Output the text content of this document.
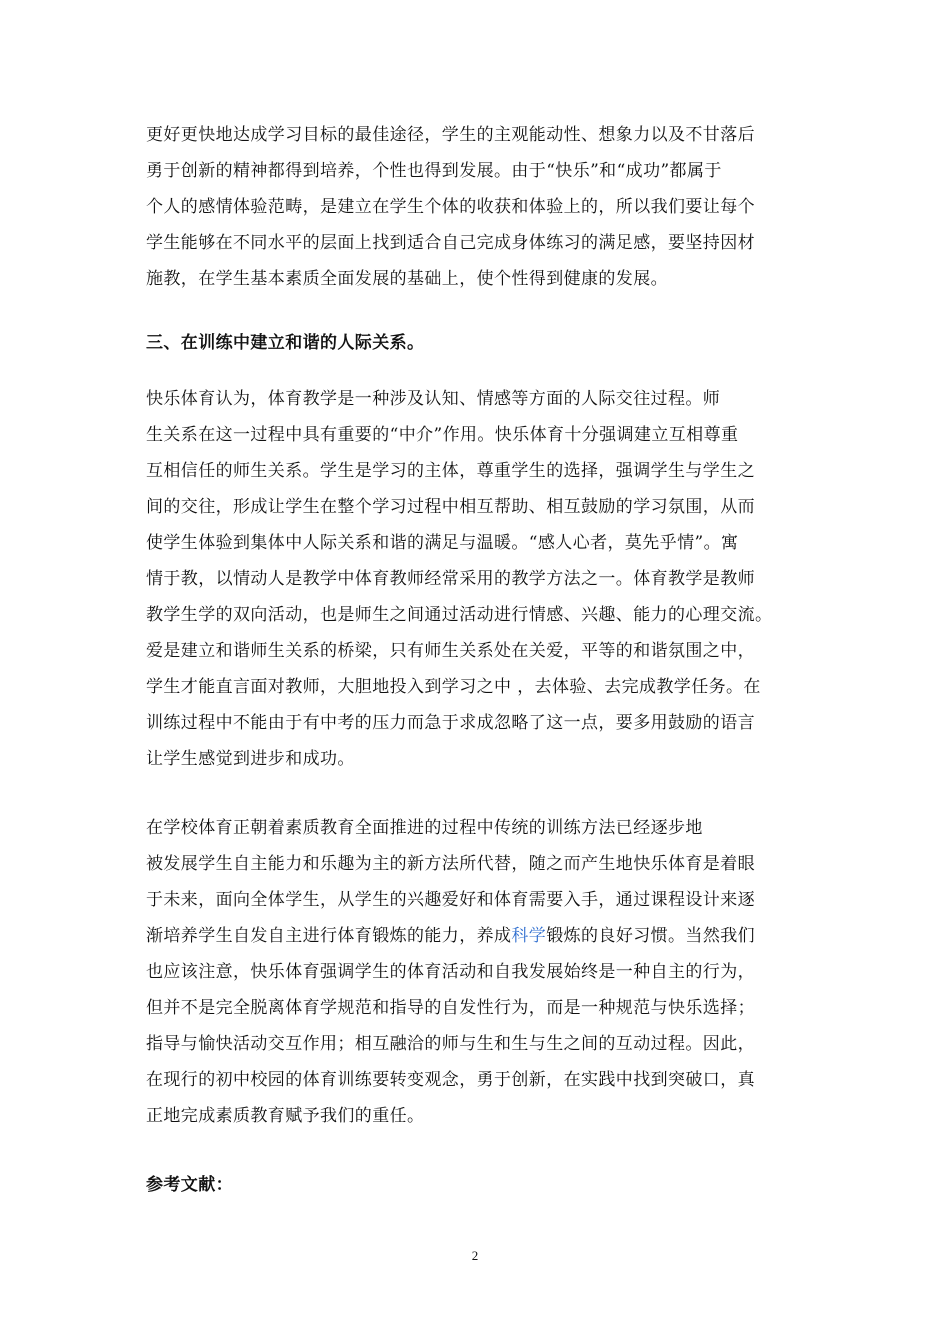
更好更快地达成学习目标的最佳途径，学生的主观能动性、想象力以及不甘落后
勇于创新的精神都得到培养，个性也得到发展。由于“快乐”和“成功”都属于
个人的感情体验范畴，是建立在学生个体的收获和体验上的，所以我们要让每个
学生能够在不同水平的层面上找到适合自己完成身体练习的满足感，要坚持因材
施教，在学生基本素质全面发展的基础上，使个性得到健康的发展。
三、在训练中建立和谐的人际关系。
快乐体育认为，体育教学是一种涉及认知、情感等方面的人际交往过程。师
生关系在这一过程中具有重要的“中介”作用。快乐体育十分强调建立互相尊重
互相信任的师生关系。学生是学习的主体，尊重学生的选择，强调学生与学生之
间的交往，形成让学生在整个学习过程中相互帮助、相互鼓励的学习氛围，从而
使学生体验到集体中人际关系和谐的满足与温暖。“感人心者，莫先乎情”。寓
情于教，以情动人是教学中体育教师经常采用的教学方法之一。体育教学是教师
教学生学的双向活动，也是师生之间通过活动进行情感、兴趣、能力的心理交流。
爱是建立和谐师生关系的桥梁，只有师生关系处在关爱，平等的和谐氛围之中，
学生才能直言面对教师，大胆地投入到学习之中 ，去体验、去完成教学任务。在
训练过程中不能由于有中考的压力而急于求成忽略了这一点，要多用鼓励的语言
让学生感觉到进步和成功。
在学校体育正朝着素质教育全面推进的过程中传统的训练方法已经逐步地
被发展学生自主能力和乐趣为主的新方法所代替，随之而产生地快乐体育是着眼
于未来，面向全体学生，从学生的兴趣爱好和体育需要入手，通过课程设计来逐
渐培养学生自发自主进行体育锻炼的能力，养成科学锻炼的良好习惯。当然我们
也应该注意，快乐体育强调学生的体育活动和自我发展始终是一种自主的行为，
但并不是完全脱离体育学规范和指导的自发性行为，而是一种规范与快乐选择；
指导与愉快活动交互作用；相互融洽的师与生和生与生之间的互动过程。因此，
在现行的初中校园的体育训练要转变观念，勇于创新，在实践中找到突破口，真
正地完成素质教育赋予我们的重任。
参考文献：
2
